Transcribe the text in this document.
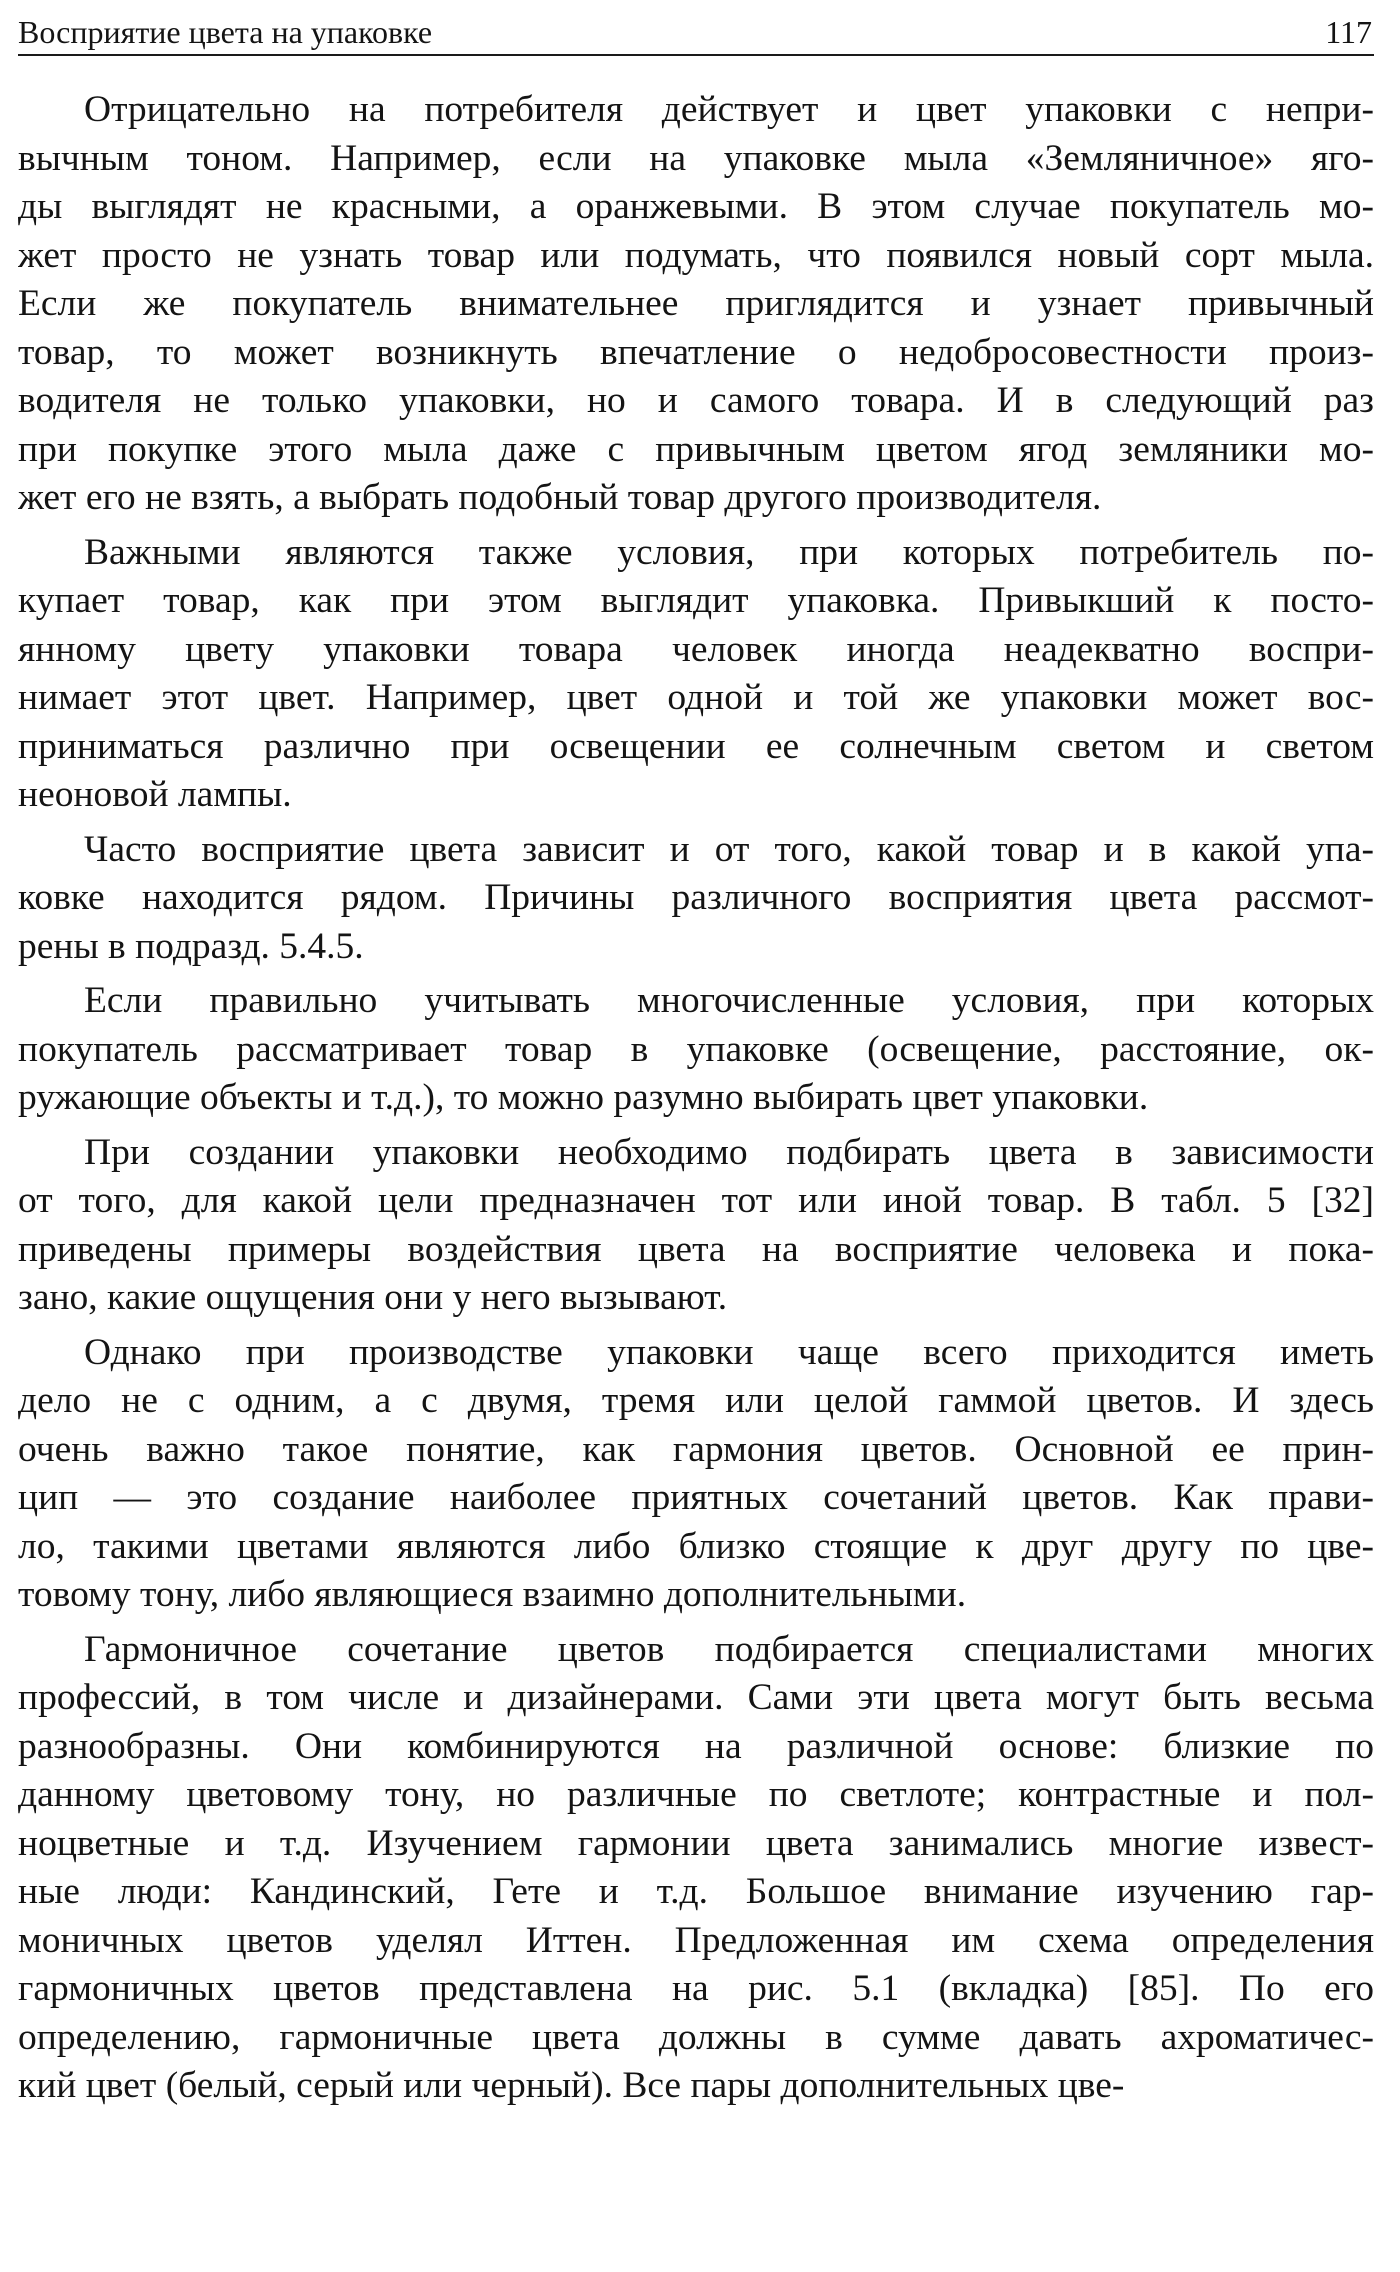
Восприятие цвета на упаковке	117
Отрицательно на потребителя действует и цвет упаковки с непри-
вычным тоном. Например, если на упаковке мыла «Земляничное» яго-
ды выглядят не красными, а оранжевыми. В этом случае покупатель мо-
жет просто не узнать товар или подумать, что появился новый сорт мыла.
Если же покупатель внимательнее приглядится и узнает привычный
товар, то может возникнуть впечатление о недобросовестности произ-
водителя не только упаковки, но и самого товара. И в следующий раз
при покупке этого мыла даже с привычным цветом ягод земляники мо-
жет его не взять, а выбрать подобный товар другого производителя.
Важными являются также условия, при которых потребитель по-
купает товар, как при этом выглядит упаковка. Привыкший к посто-
янному цвету упаковки товара человек иногда неадекватно воспри-
нимает этот цвет. Например, цвет одной и той же упаковки может вос-
приниматься различно при освещении ее солнечным светом и светом
неоновой лампы.
Часто восприятие цвета зависит и от того, какой товар и в какой упа-
ковке находится рядом. Причины различного восприятия цвета рассмот-
рены в подразд. 5.4.5.
Если правильно учитывать многочисленные условия, при которых
покупатель рассматривает товар в упаковке (освещение, расстояние, ок-
ружающие объекты и т.д.), то можно разумно выбирать цвет упаковки.
При создании упаковки необходимо подбирать цвета в зависимости
от того, для какой цели предназначен тот или иной товар. В табл. 5 [32]
приведены примеры воздействия цвета на восприятие человека и пока-
зано, какие ощущения они у него вызывают.
Однако при производстве упаковки чаще всего приходится иметь
дело не с одним, а с двумя, тремя или целой гаммой цветов. И здесь
очень важно такое понятие, как гармония цветов. Основной ее прин-
цип — это создание наиболее приятных сочетаний цветов. Как прави-
ло, такими цветами являются либо близко стоящие к друг другу по цве-
товому тону, либо являющиеся взаимно дополнительными.
Гармоничное сочетание цветов подбирается специалистами многих
профессий, в том числе и дизайнерами. Сами эти цвета могут быть весьма
разнообразны. Они комбинируются на различной основе: близкие по
данному цветовому тону, но различные по светлоте; контрастные и пол-
ноцветные и т.д. Изучением гармонии цвета занимались многие извест-
ные люди: Кандинский, Гете и т.д. Большое внимание изучению гар-
моничных цветов уделял Иттен. Предложенная им схема определения
гармоничных цветов представлена на рис. 5.1 (вкладка) [85]. По его
определению, гармоничные цвета должны в сумме давать ахроматичес-
кий цвет (белый, серый или черный). Все пары дополнительных цве-
